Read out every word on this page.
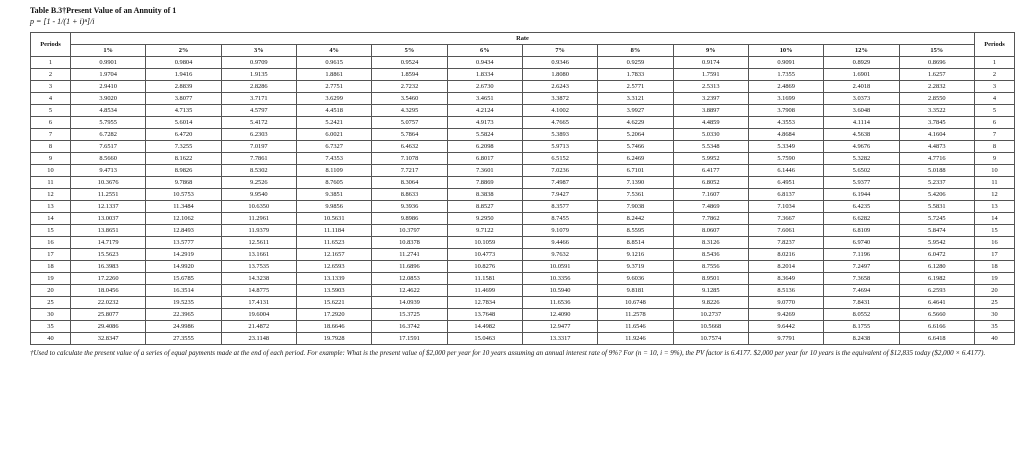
Table B.3†Present Value of an Annuity of 1
p = [1 - 1/(1 + i)ⁿ]/i
Periods	Rate												Periods
	1%	2%	3%	4%	5%	6%	7%	8%	9%	10%	12%	15%	
1	0.9901	0.9804	0.9709	0.9615	0.9524	0.9434	0.9346	0.9259	0.9174	0.9091	0.8929	0.8696	1
2	1.9704	1.9416	1.9135	1.8861	1.8594	1.8334	1.8080	1.7833	1.7591	1.7355	1.6901	1.6257	2
3	2.9410	2.8839	2.8286	2.7751	2.7232	2.6730	2.6243	2.5771	2.5313	2.4869	2.4018	2.2832	3
4	3.9020	3.8077	3.7171	3.6299	3.5460	3.4651	3.3872	3.3121	3.2397	3.1699	3.0373	2.8550	4
5	4.8534	4.7135	4.5797	4.4518	4.3295	4.2124	4.1002	3.9927	3.8897	3.7908	3.6048	3.3522	5
6	5.7955	5.6014	5.4172	5.2421	5.0757	4.9173	4.7665	4.6229	4.4859	4.3553	4.1114	3.7845	6
7	6.7282	6.4720	6.2303	6.0021	5.7864	5.5824	5.3893	5.2064	5.0330	4.8684	4.5638	4.1604	7
8	7.6517	7.3255	7.0197	6.7327	6.4632	6.2098	5.9713	5.7466	5.5348	5.3349	4.9676	4.4873	8
9	8.5660	8.1622	7.7861	7.4353	7.1078	6.8017	6.5152	6.2469	5.9952	5.7590	5.3282	4.7716	9
10	9.4713	8.9826	8.5302	8.1109	7.7217	7.3601	7.0236	6.7101	6.4177	6.1446	5.6502	5.0188	10
11	10.3676	9.7868	9.2526	8.7605	8.3064	7.8869	7.4987	7.1390	6.8052	6.4951	5.9377	5.2337	11
12	11.2551	10.5753	9.9540	9.3851	8.8633	8.3838	7.9427	7.5361	7.1607	6.8137	6.1944	5.4206	12
13	12.1337	11.3484	10.6350	9.9856	9.3936	8.8527	8.3577	7.9038	7.4869	7.1034	6.4235	5.5831	13
14	13.0037	12.1062	11.2961	10.5631	9.8986	9.2950	8.7455	8.2442	7.7862	7.3667	6.6282	5.7245	14
15	13.8651	12.8493	11.9379	11.1184	10.3797	9.7122	9.1079	8.5595	8.0607	7.6061	6.8109	5.8474	15
16	14.7179	13.5777	12.5611	11.6523	10.8378	10.1059	9.4466	8.8514	8.3126	7.8237	6.9740	5.9542	16
17	15.5623	14.2919	13.1661	12.1657	11.2741	10.4773	9.7632	9.1216	8.5436	8.0216	7.1196	6.0472	17
18	16.3983	14.9920	13.7535	12.6593	11.6896	10.8276	10.0591	9.3719	8.7556	8.2014	7.2497	6.1280	18
19	17.2260	15.6785	14.3238	13.1339	12.0853	11.1581	10.3356	9.6036	8.9501	8.3649	7.3658	6.1982	19
20	18.0456	16.3514	14.8775	13.5903	12.4622	11.4699	10.5940	9.8181	9.1285	8.5136	7.4694	6.2593	20
25	22.0232	19.5235	17.4131	15.6221	14.0939	12.7834	11.6536	10.6748	9.8226	9.0770	7.8431	6.4641	25
30	25.8077	22.3965	19.6004	17.2920	15.3725	13.7648	12.4090	11.2578	10.2737	9.4269	8.0552	6.5660	30
35	29.4086	24.9986	21.4872	18.6646	16.3742	14.4982	12.9477	11.6546	10.5668	9.6442	8.1755	6.6166	35
40	32.8347	27.3555	23.1148	19.7928	17.1591	15.0463	13.3317	11.9246	10.7574	9.7791	8.2438	6.6418	40
†Used to calculate the present value of a series of equal payments made at the end of each period. For example: What is the present value of $2,000 per year for 10 years assuming an annual interest rate of 9%? For (n = 10, i = 9%), the PV factor is 6.4177. $2,000 per year for 10 years is the equivalent of $12,835 today ($2,000 × 6.4177).
